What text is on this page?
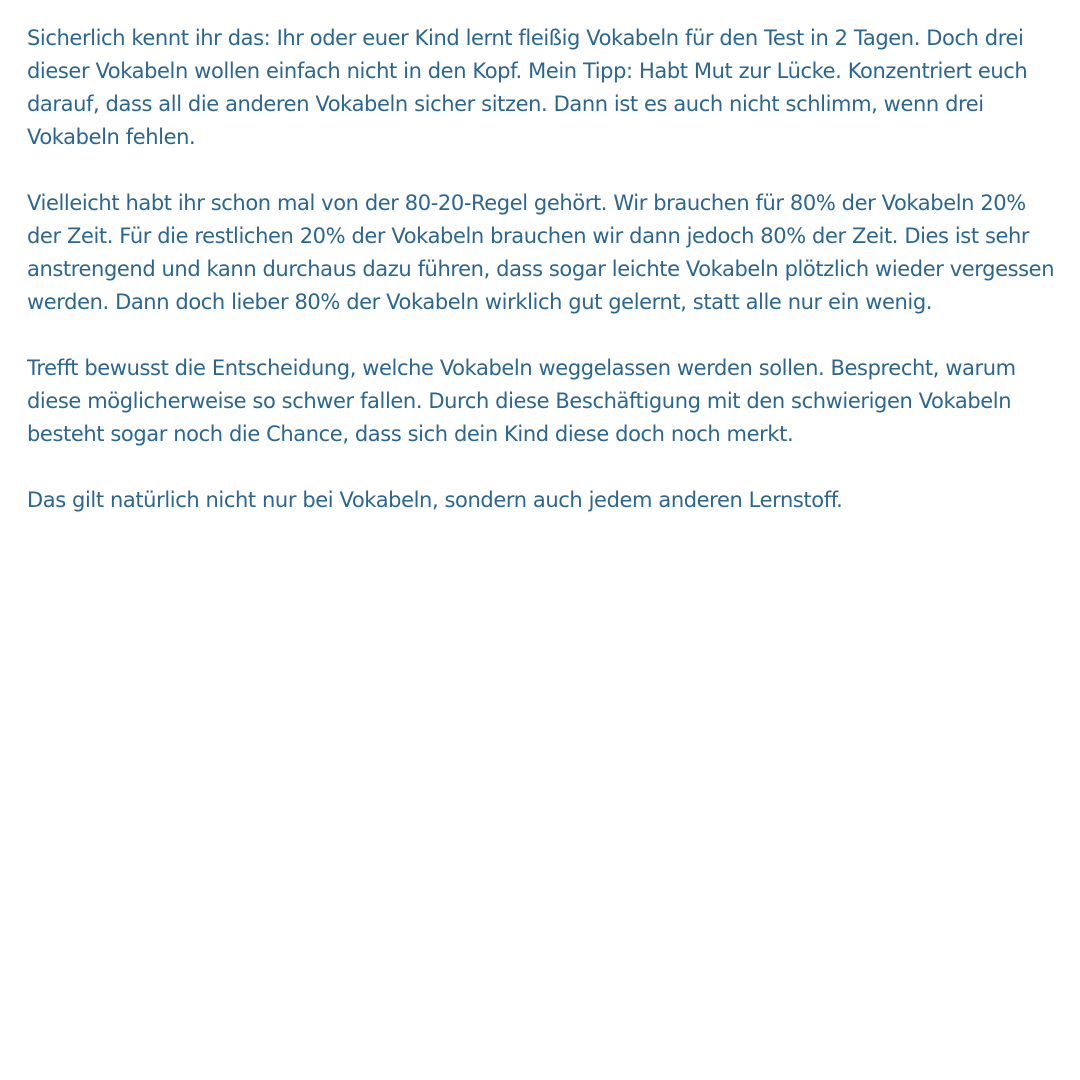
Sicherlich kennt ihr das: Ihr oder euer Kind lernt fleißig Vokabeln für den Test in 2 Tagen. Doch drei dieser Vokabeln wollen einfach nicht in den Kopf. Mein Tipp: Habt Mut zur Lücke. Konzentriert euch darauf, dass all die anderen Vokabeln sicher sitzen. Dann ist es auch nicht schlimm, wenn drei Vokabeln fehlen.

Vielleicht habt ihr schon mal von der 80-20-Regel gehört. Wir brauchen für 80% der Vokabeln 20% der Zeit. Für die restlichen 20% der Vokabeln brauchen wir dann jedoch 80% der Zeit. Dies ist sehr anstrengend und kann durchaus dazu führen, dass sogar leichte Vokabeln plötzlich wieder vergessen werden. Dann doch lieber 80% der Vokabeln wirklich gut gelernt, statt alle nur ein wenig.

Trefft bewusst die Entscheidung, welche Vokabeln weggelassen werden sollen. Besprecht, warum diese möglicherweise so schwer fallen. Durch diese Beschäftigung mit den schwierigen Vokabeln besteht sogar noch die Chance, dass sich dein Kind diese doch noch merkt.

Das gilt natürlich nicht nur bei Vokabeln, sondern auch jedem anderen Lernstoff.
